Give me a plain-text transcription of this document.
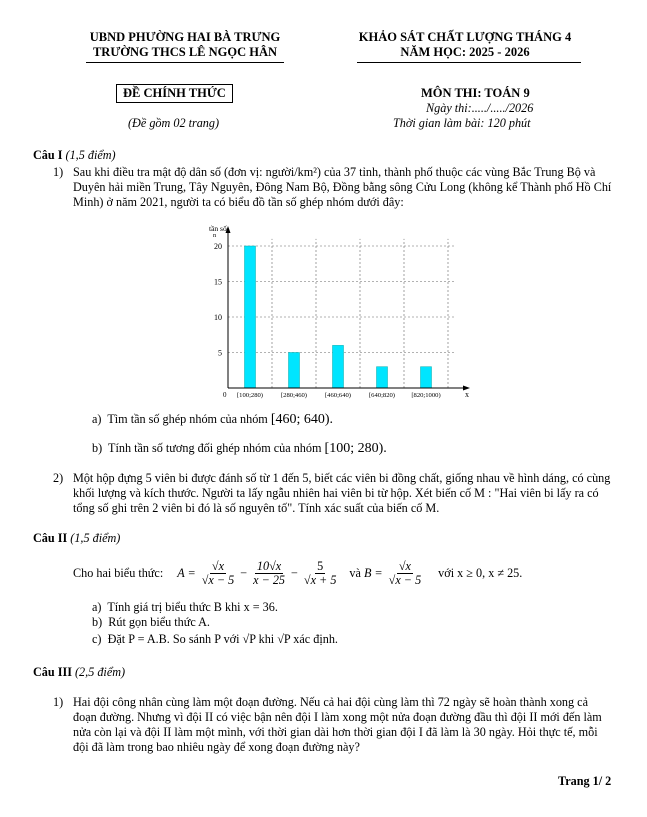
UBND PHƯỜNG HAI BÀ TRƯNG
TRƯỜNG THCS LÊ NGỌC HÂN
KHẢO SÁT CHẤT LƯỢNG THÁNG 4
NĂM HỌC: 2025 - 2026
ĐỀ CHÍNH THỨC
(Đề gồm 02 trang)
MÔN THI: TOÁN 9
Ngày thi:...../...../2026
Thời gian làm bài: 120 phút
Câu I (1,5 điểm)
1) Sau khi điều tra mật độ dân số (đơn vị: người/km²) của 37 tỉnh, thành phố thuộc các vùng Bắc Trung Bộ và Duyên hải miền Trung, Tây Nguyên, Đông Nam Bộ, Đồng bằng sông Cửu Long (không kể Thành phố Hồ Chí Minh) ở năm 2021, người ta có biểu đồ tần số ghép nhóm dưới đây:
5
10
15
20
[100;280)	[280;460)	[460;640)	[640;820) [820;1000)
tần số
n
x
0
a) Tìm tần số ghép nhóm của nhóm [460; 640).
b) Tính tần số tương đối ghép nhóm của nhóm [100; 280).
2) Một hộp đựng 5 viên bi được đánh số từ 1 đến 5, biết các viên bi đồng chất, giống nhau về hình dáng, có cùng khối lượng và kích thước. Người ta lấy ngẫu nhiên hai viên bi từ hộp. Xét biến cố M : "Hai viên bi lấy ra có tổng số ghi trên 2 viên bi đó là số nguyên tố". Tính xác suất của biến cố M.
Câu II (1,5 điểm)
Cho hai biểu thức: $A = \frac{√x}{√x - 5} - \frac{10√x}{x - 25} - \frac{5}{√x + 5}$ và $B = \frac{√x}{√x - 5}$ với x ≥ 0, x ≠ 25.
a) Tính giá trị biểu thức B khi x = 36.
b) Rút gọn biểu thức A.
c) Đặt P = A.B. So sánh P với √P khi √P xác định.
Câu III (2,5 điểm)
1) Hai đội công nhân cùng làm một đoạn đường. Nếu cả hai đội cùng làm thì 72 ngày sẽ hoàn thành xong cả đoạn đường. Nhưng vì đội II có việc bận nên đội I làm xong một nửa đoạn đường đầu thì đội II mới đến làm nửa còn lại và đội II làm một mình, với thời gian dài hơn thời gian đội I đã làm là 30 ngày. Hỏi thực tế, mỗi đội đã làm trong bao nhiêu ngày để xong đoạn đường này?
Trang 1/ 2
